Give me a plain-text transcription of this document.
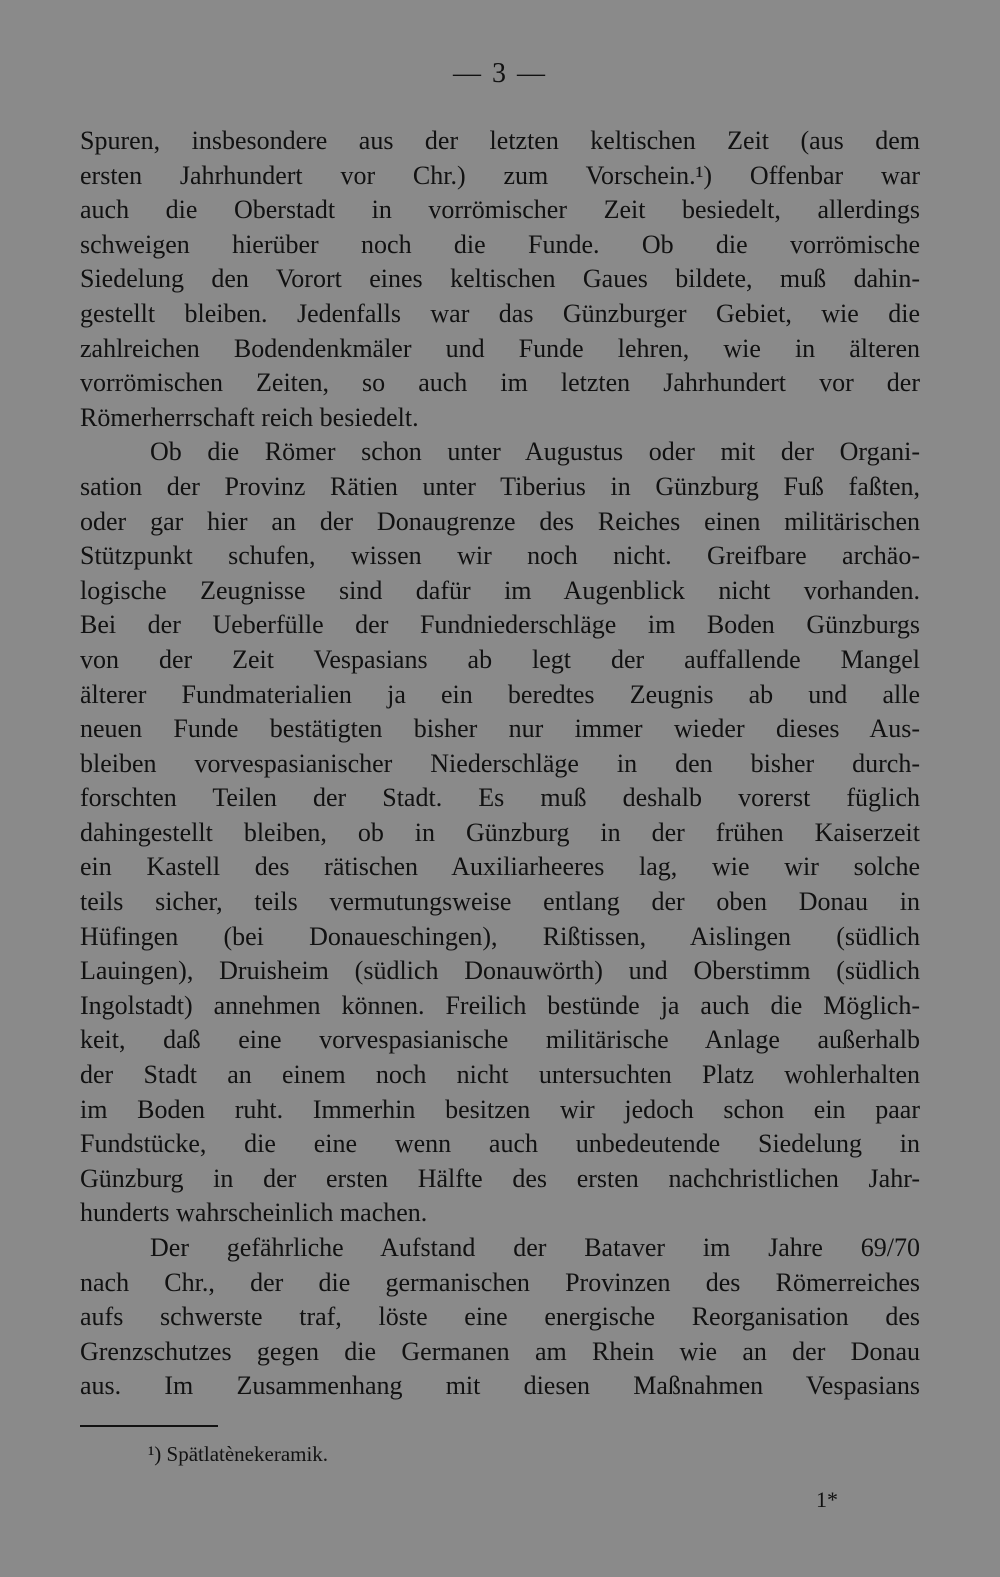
— 3 —
Spuren, insbesondere aus der letzten keltischen Zeit (aus dem
ersten Jahrhundert vor Chr.) zum Vorschein.¹) Offenbar war
auch die Oberstadt in vorrömischer Zeit besiedelt, allerdings
schweigen hierüber noch die Funde. Ob die vorrömische
Siedelung den Vorort eines keltischen Gaues bildete, muß dahin-
gestellt bleiben. Jedenfalls war das Günzburger Gebiet, wie die
zahlreichen Bodendenkmäler und Funde lehren, wie in älteren
vorrömischen Zeiten, so auch im letzten Jahrhundert vor der
Römerherrschaft reich besiedelt.
Ob die Römer schon unter Augustus oder mit der Organi-
sation der Provinz Rätien unter Tiberius in Günzburg Fuß faßten,
oder gar hier an der Donaugrenze des Reiches einen militärischen
Stützpunkt schufen, wissen wir noch nicht. Greifbare archäo-
logische Zeugnisse sind dafür im Augenblick nicht vorhanden.
Bei der Ueberfülle der Fundniederschläge im Boden Günzburgs
von der Zeit Vespasians ab legt der auffallende Mangel
älterer Fundmaterialien ja ein beredtes Zeugnis ab und alle
neuen Funde bestätigten bisher nur immer wieder dieses Aus-
bleiben vorvespasianischer Niederschläge in den bisher durch-
forschten Teilen der Stadt. Es muß deshalb vorerst füglich
dahingestellt bleiben, ob in Günzburg in der frühen Kaiserzeit
ein Kastell des rätischen Auxiliarheeres lag, wie wir solche
teils sicher, teils vermutungsweise entlang der oben Donau in
Hüfingen (bei Donaueschingen), Rißtissen, Aislingen (südlich
Lauingen), Druisheim (südlich Donauwörth) und Oberstimm (südlich
Ingolstadt) annehmen können. Freilich bestünde ja auch die Möglich-
keit, daß eine vorvespasianische militärische Anlage außerhalb
der Stadt an einem noch nicht untersuchten Platz wohlerhalten
im Boden ruht. Immerhin besitzen wir jedoch schon ein paar
Fundstücke, die eine wenn auch unbedeutende Siedelung in
Günzburg in der ersten Hälfte des ersten nachchristlichen Jahr-
hunderts wahrscheinlich machen.
Der gefährliche Aufstand der Bataver im Jahre 69/70
nach Chr., der die germanischen Provinzen des Römerreiches
aufs schwerste traf, löste eine energische Reorganisation des
Grenzschutzes gegen die Germanen am Rhein wie an der Donau
aus. Im Zusammenhang mit diesen Maßnahmen Vespasians
¹) Spätlatènekeramik.
1*
